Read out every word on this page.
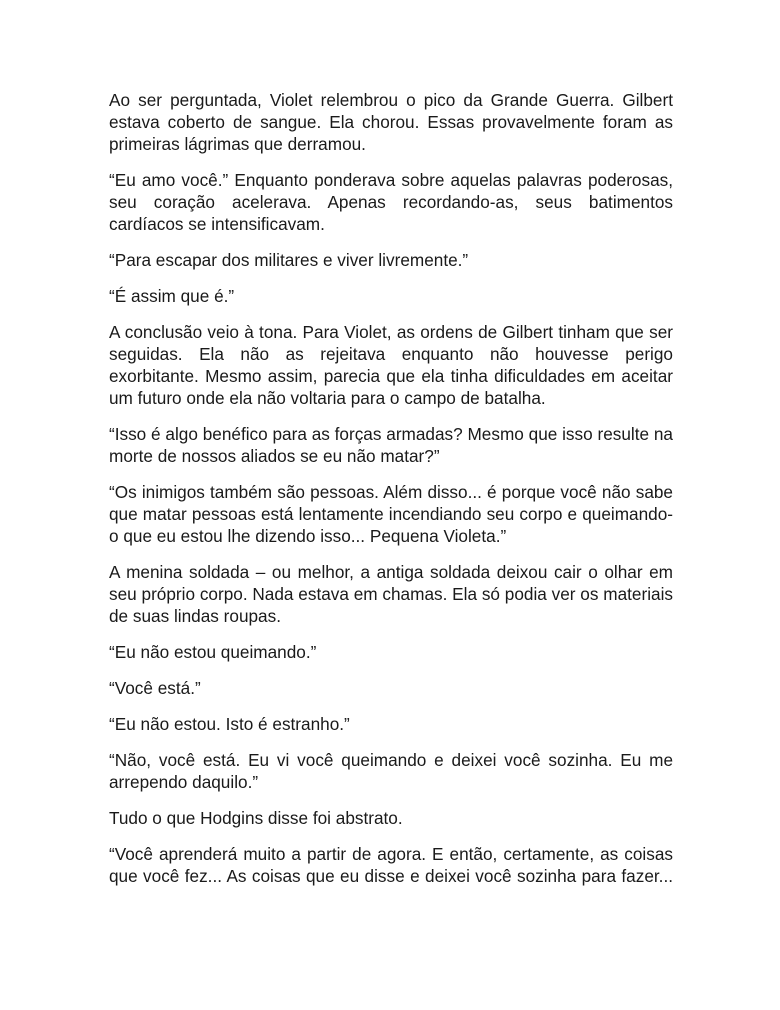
Ao ser perguntada, Violet relembrou o pico da Grande Guerra. Gilbert estava coberto de sangue. Ela chorou. Essas provavelmente foram as primeiras lágrimas que derramou.

“Eu amo você.” Enquanto ponderava sobre aquelas palavras poderosas, seu coração acelerava. Apenas recordando-as, seus batimentos cardíacos se intensificavam.

“Para escapar dos militares e viver livremente.”

“É assim que é.”

A conclusão veio à tona. Para Violet, as ordens de Gilbert tinham que ser seguidas. Ela não as rejeitava enquanto não houvesse perigo exorbitante. Mesmo assim, parecia que ela tinha dificuldades em aceitar um futuro onde ela não voltaria para o campo de batalha.

“Isso é algo benéfico para as forças armadas? Mesmo que isso resulte na morte de nossos aliados se eu não matar?”

“Os inimigos também são pessoas. Além disso... é porque você não sabe que matar pessoas está lentamente incendiando seu corpo e queimando-o que eu estou lhe dizendo isso... Pequena Violeta.”

A menina soldada – ou melhor, a antiga soldada deixou cair o olhar em seu próprio corpo. Nada estava em chamas. Ela só podia ver os materiais de suas lindas roupas.

“Eu não estou queimando.”

“Você está.”

“Eu não estou. Isto é estranho.”

“Não, você está. Eu vi você queimando e deixei você sozinha. Eu me arrependo daquilo.”

Tudo o que Hodgins disse foi abstrato.

“Você aprenderá muito a partir de agora. E então, certamente, as coisas que você fez... As coisas que eu disse e deixei você sozinha para fazer...
